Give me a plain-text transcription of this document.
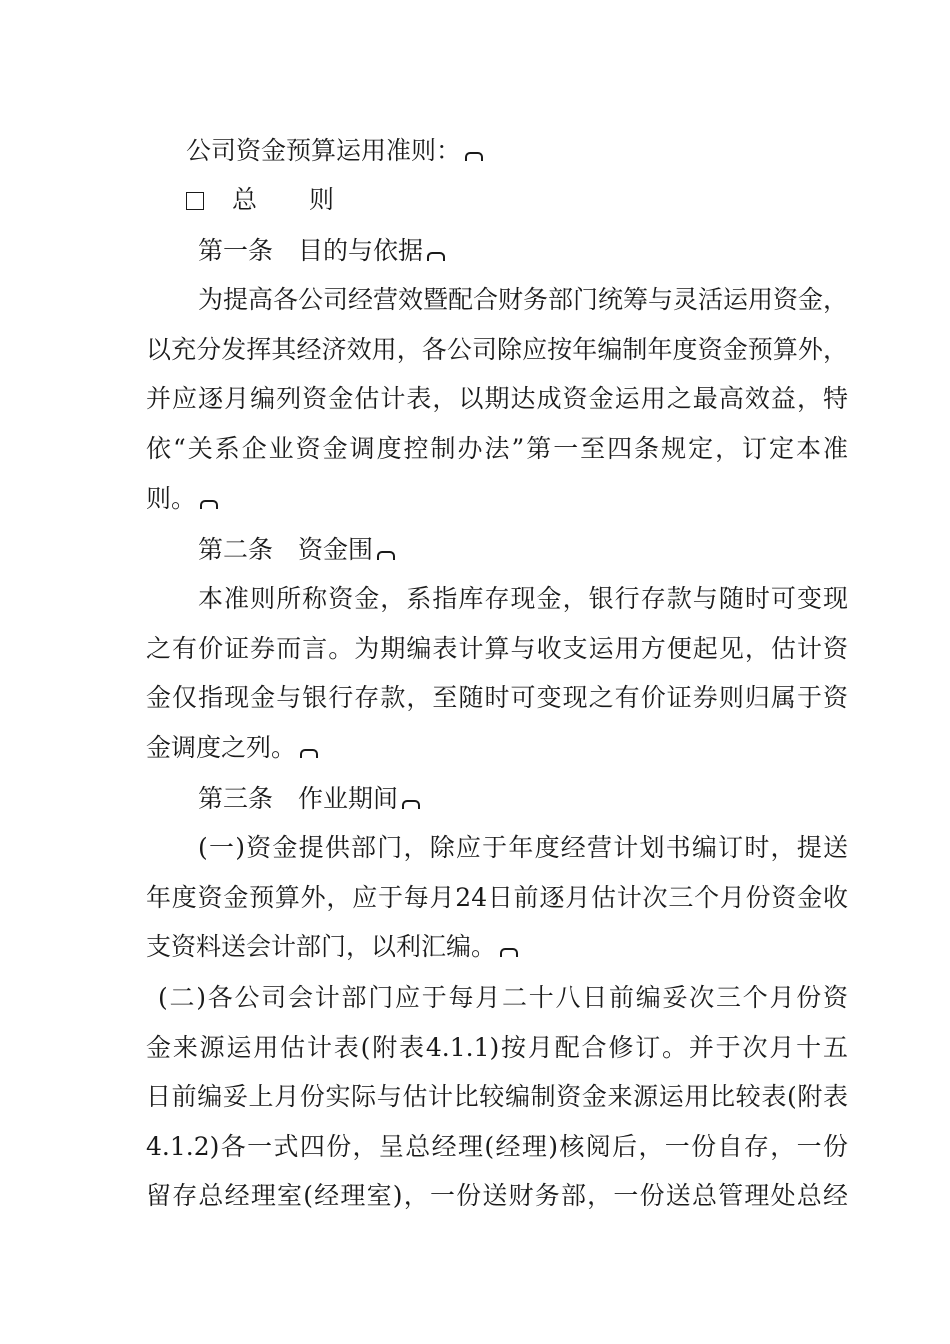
公司资金预算运用准则：
总 则
第一条　目的与依据
为提高各公司经营效暨配合财务部门统筹与灵活运用资金，
以充分发挥其经济效用，各公司除应按年编制年度资金预算外，
并应逐月编列资金估计表，以期达成资金运用之最高效益，特
依“关系企业资金调度控制办法”第一至四条规定，订定本准
则。
第二条　资金围
本准则所称资金，系指库存现金，银行存款与随时可变现
之有价证券而言。为期编表计算与收支运用方便起见，估计资
金仅指现金与银行存款，至随时可变现之有价证券则归属于资
金调度之列。
第三条　作业期间
(一)资金提供部门，除应于年度经营计划书编订时，提送
年度资金预算外，应于每月24日前逐月估计次三个月份资金收
支资料送会计部门，以利汇编。
(二)各公司会计部门应于每月二十八日前编妥次三个月份资
金来源运用估计表(附表4.1.1)按月配合修订。并于次月十五
日前编妥上月份实际与估计比较编制资金来源运用比较表(附表
4.1.2)各一式四份，呈总经理(经理)核阅后，一份自存，一份
留存总经理室(经理室)，一份送财务部，一份送总管理处总经
